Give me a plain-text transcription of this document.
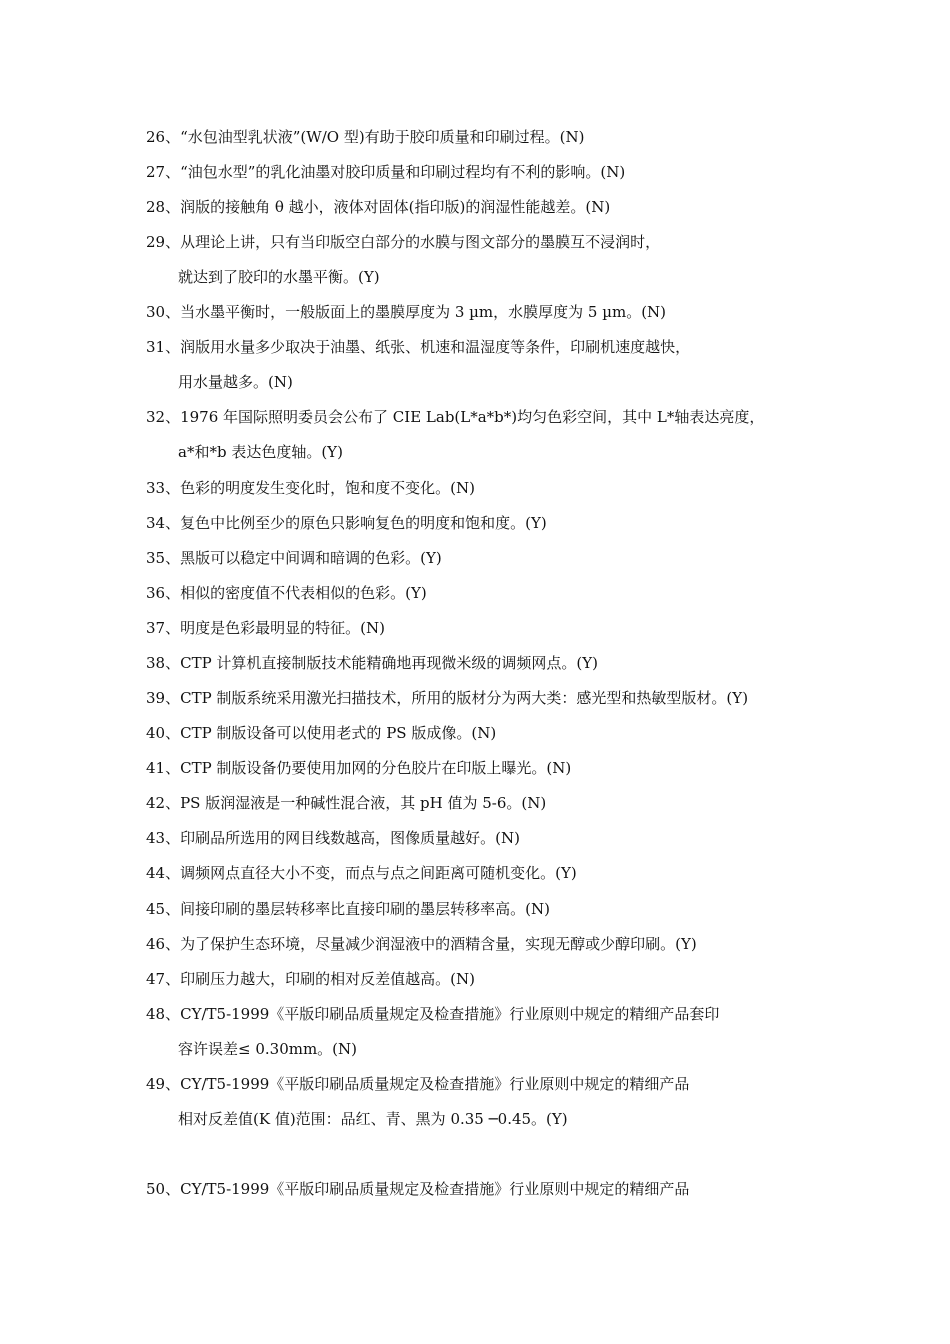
26、“水包油型乳状液”(W/O 型)有助于胶印质量和印刷过程。(N)
27、“油包水型”的乳化油墨对胶印质量和印刷过程均有不利的影响。(N)
28、润版的接触角 θ 越小，液体对固体(指印版)的润湿性能越差。(N)
29、从理论上讲，只有当印版空白部分的水膜与图文部分的墨膜互不浸润时，
就达到了胶印的水墨平衡。(Y)
30、当水墨平衡时，一般版面上的墨膜厚度为 3 µm，水膜厚度为 5 µm。(N)
31、润版用水量多少取决于油墨、纸张、机速和温湿度等条件，印刷机速度越快，
用水量越多。(N)
32、1976 年国际照明委员会公布了 CIE Lab(L*a*b*)均匀色彩空间，其中 L*轴表达亮度，
a*和*b 表达色度轴。(Y)
33、色彩的明度发生变化时，饱和度不变化。(N)
34、复色中比例至少的原色只影响复色的明度和饱和度。(Y)
35、黑版可以稳定中间调和暗调的色彩。(Y)
36、相似的密度值不代表相似的色彩。(Y)
37、明度是色彩最明显的特征。(N)
38、CTP 计算机直接制版技术能精确地再现微米级的调频网点。(Y)
39、CTP 制版系统采用激光扫描技术，所用的版材分为两大类：感光型和热敏型版材。(Y)
40、CTP 制版设备可以使用老式的 PS 版成像。(N)
41、CTP 制版设备仍要使用加网的分色胶片在印版上曝光。(N)
42、PS 版润湿液是一种碱性混合液，其 pH 值为 5-6。(N)
43、印刷品所选用的网目线数越高，图像质量越好。(N)
44、调频网点直径大小不变，而点与点之间距离可随机变化。(Y)
45、间接印刷的墨层转移率比直接印刷的墨层转移率高。(N)
46、为了保护生态环境，尽量减少润湿液中的酒精含量，实现无醇或少醇印刷。(Y)
47、印刷压力越大，印刷的相对反差值越高。(N)
48、CY/T5-1999《平版印刷品质量规定及检查措施》行业原则中规定的精细产品套印
容许误差≤ 0.30mm。(N)
49、CY/T5-1999《平版印刷品质量规定及检查措施》行业原则中规定的精细产品
相对反差值(K 值)范围：品红、青、黑为 0.35 ─0.45。(Y)
50、CY/T5-1999《平版印刷品质量规定及检查措施》行业原则中规定的精细产品
